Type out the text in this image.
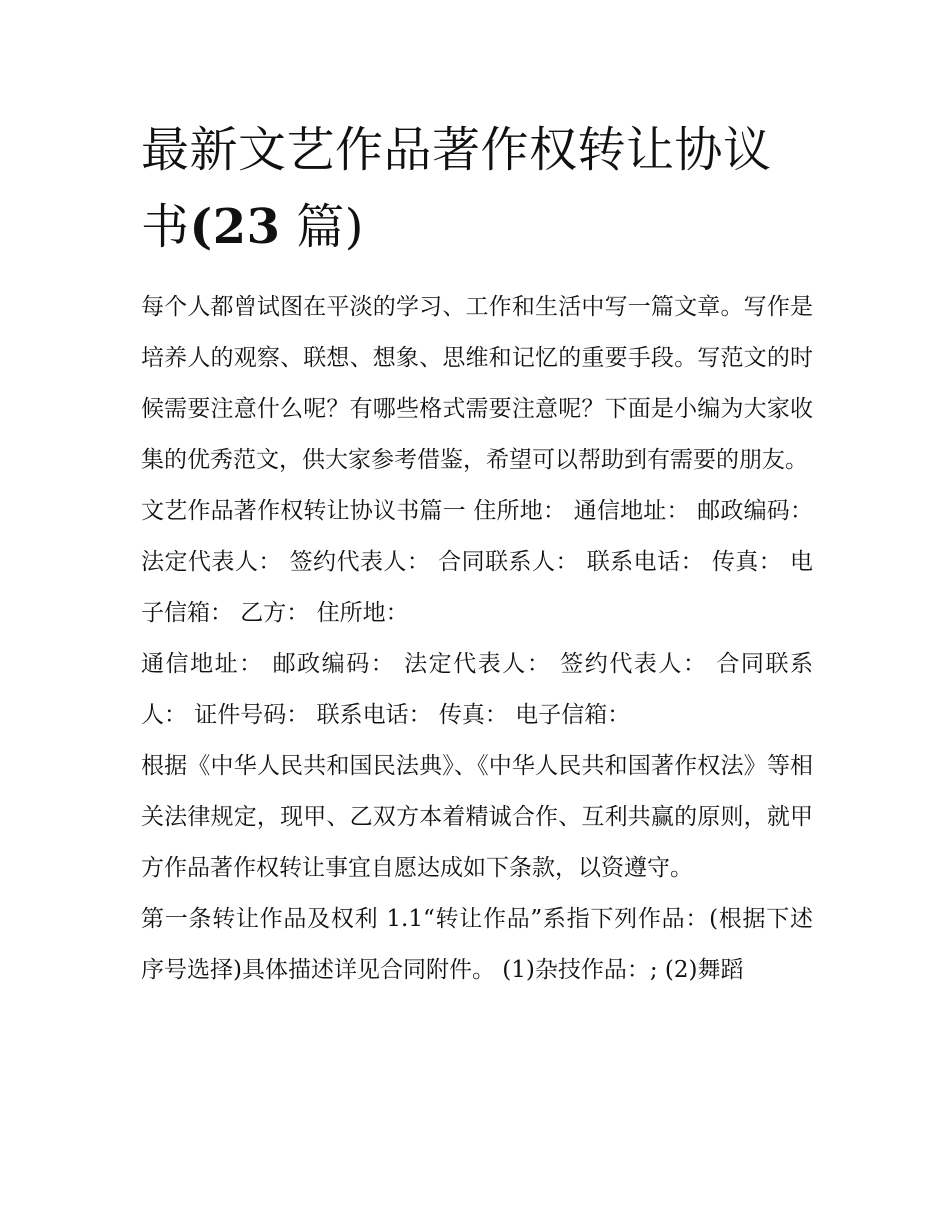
最新文艺作品著作权转让协议书(23 篇)

每个人都曾试图在平淡的学习、工作和生活中写一篇文章。写作是培养人的观察、联想、想象、思维和记忆的重要手段。写范文的时候需要注意什么呢？有哪些格式需要注意呢？下面是小编为大家收集的优秀范文，供大家参考借鉴，希望可以帮助到有需要的朋友。

文艺作品著作权转让协议书篇一 住所地： 通信地址： 邮政编码： 法定代表人： 签约代表人： 合同联系人： 联系电话： 传真： 电子信箱： 乙方： 住所地：

通信地址： 邮政编码： 法定代表人： 签约代表人： 合同联系人： 证件号码： 联系电话： 传真： 电子信箱：

根据《中华人民共和国民法典》、《中华人民共和国著作权法》等相关法律规定，现甲、乙双方本着精诚合作、互利共赢的原则，就甲方作品著作权转让事宜自愿达成如下条款，以资遵守。

第一条转让作品及权利 1.1“转让作品”系指下列作品：(根据下述序号选择)具体描述详见合同附件。 (1)杂技作品：; (2)舞蹈
